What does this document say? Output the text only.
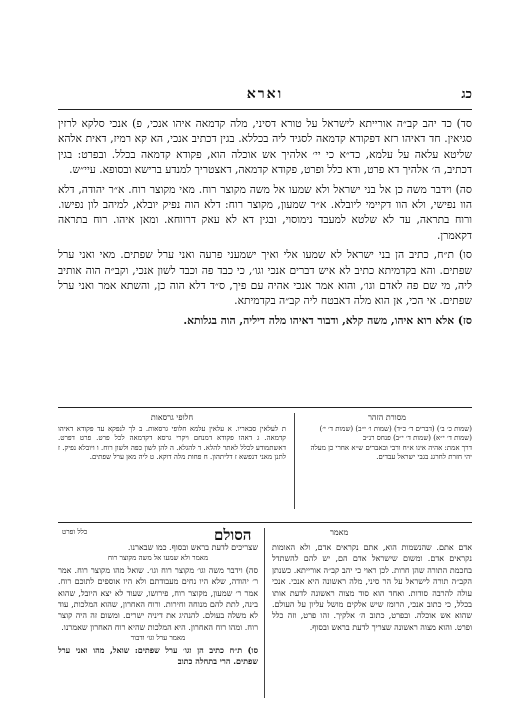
וארא	כג

סד) כד יהב קב״ה אורייתא לישראל על טורא דסיני, מלה קדמאה איהו אנכי, פ) אנכי סלקא לרזין סגיאין. חד דאיהו רזא דפקודא קדמאה לסגיד ליה בכללא. בגין דכתיב אנכי, הא קא רמיז, דאית אלהא שליטא עלאה על עלמא, כד״א כי יי׳ אלהיך אש אוכלה הוא, פקודא קדמאה בכלל. ובפרט: בגין דכתיב, ה׳ אלהיך דא פרט, ודא כלל ופרט, פקודא קדמאה, דאצטריך למנדע ברישא ובסופא. עיי״ש.

סה) וידבר משה כן אל בני ישראל ולא שמעו אל משה מקוצר רוח. מאי מקוצר רוח. א״ר יהודה, דלא הוו נפישי, ולא הוו דקיימי ליובלא. א״ר שמעון, מקוצר רוח: דלא הוה נפיק יובלא, למיהב לון נפישו. ורוח בתראה, עד לא שלטא למעבד נימוסוי, ובגין דא לא עאק דרווחא. ומאן איהו. רוח בתראה דקאמרן.

סו) ת״ח, כתיב הן בני ישראל לא שמעו אלי ואיך ישמעני פרעה ואני ערל שפתים. מאי ואני ערל שפתים. והא בקדמיתא כתיב לא איש דברים אנכי וגו׳, כי כבד פה וכבד לשון אנכי, וקב״ה הוה אותיב ליה, מי שם פה לאדם וגו׳, והוא אמר אנכי אהיה עם פיך, ס״ד דלא הוה כן, והשתא אמר ואני ערל שפתים. אי הכי, אן הוא מלה דאבטח ליה קב״ה בקדמיתא.

סז) אלא רוא איהו, משה קלא, ודבור דאיהו מלה דיליה, הוה בגלותא.

מסורת הזהר
(שמות כ׳ ב׳) (דברים ד׳ כ״ד) (שמות ו׳ י״ב) (שמות ד׳ י׳) (שמות ד׳ י״א) (שמות ד׳ י״ב) פנחס רנ״ב
דרך אמת: אהיה אינו א״ח ורבי ובאברים ש״א אחרי כן מעלה יהי חזרת לחרגנ בגבי ישראל עבדים.
חלופי גרסאות
ת לעלאין סבאריו. א עלאין עלמא חלופי גרסאות. ב לך לנפקא עד פקודא דאיהו קדמאה. ג דאהו פקודא דמנחם ויקרי גרסא דקדמאה לכל פרט. פרט דפרט. דאשתמודע לכלל לאתר להלא. ד להגלא. ה להן לשון כפה ולשון רוח. ו ויובלא נפיק. ז לתנן מאני דנפשא ז דליתהון. ח פחות מלה דוקא. ט ליה מאן ערל שפתים.
הסולם	מאמר
כלל ופרט
אדם אתם. שהנשמות הוא, אתם נקראים אדם, ולא האומות נקראים אדם. ומשום שישראל אדם הם, יש להם להשתדל בחכמת התורה שהן חרות. לכן ראוי כי יהב קב״ה אורייתא. כשנתן הקב״ה תורה לישראל על הר סיני, מלה ראשונה היא אנכי. אנכי עולה להרבה סודות. ואחד הוא סוד מצוה ראשונה לדעת אותו בכלל, כי כתוב אנכי, הרומז שיש אלקים מושל עליון על העולם. שהוא אש אוכלה. ובפרט, כתוב ה׳ אלקיך. זהו פרט, וזה כלל ופרט. והוא מצוה ראשונה שצריך לדעת בראש ובסוף.
שצריכים לדעת בראש ובסוף. כמו שבארנו.
מאמר ולא שמעו אל משה מקוצר רוח
סה) וידבר משה וגו׳ מקוצר רוח וגו׳. שואל מהו מקוצר רוח. אמר ר׳ יהודה, שלא היו נחים מעבודתם ולא היו אוספים לתוכם רוח. אמר ר׳ שמעון, מקוצר רוח, פירושו, שעוד לא יצא היובל, שהוא בינה, לתת להם מנוחה וחירות. ורוח האחרון, שהוא המלכות, עוד לא משלה בעולם. להנהיג את דיניה ישרים. ומשום זה היה קוצר רוח. ומהו רוח האחרון. היא המלכות שהיא רוח האחרון שאמרנו.
מאמר ערל וגו׳ ודבור
סו) ת״ח כתיב הן וגו׳ ערל שפתים: שואל, מהו ואני ערל שפתים. הרי בתחלה כתוב
